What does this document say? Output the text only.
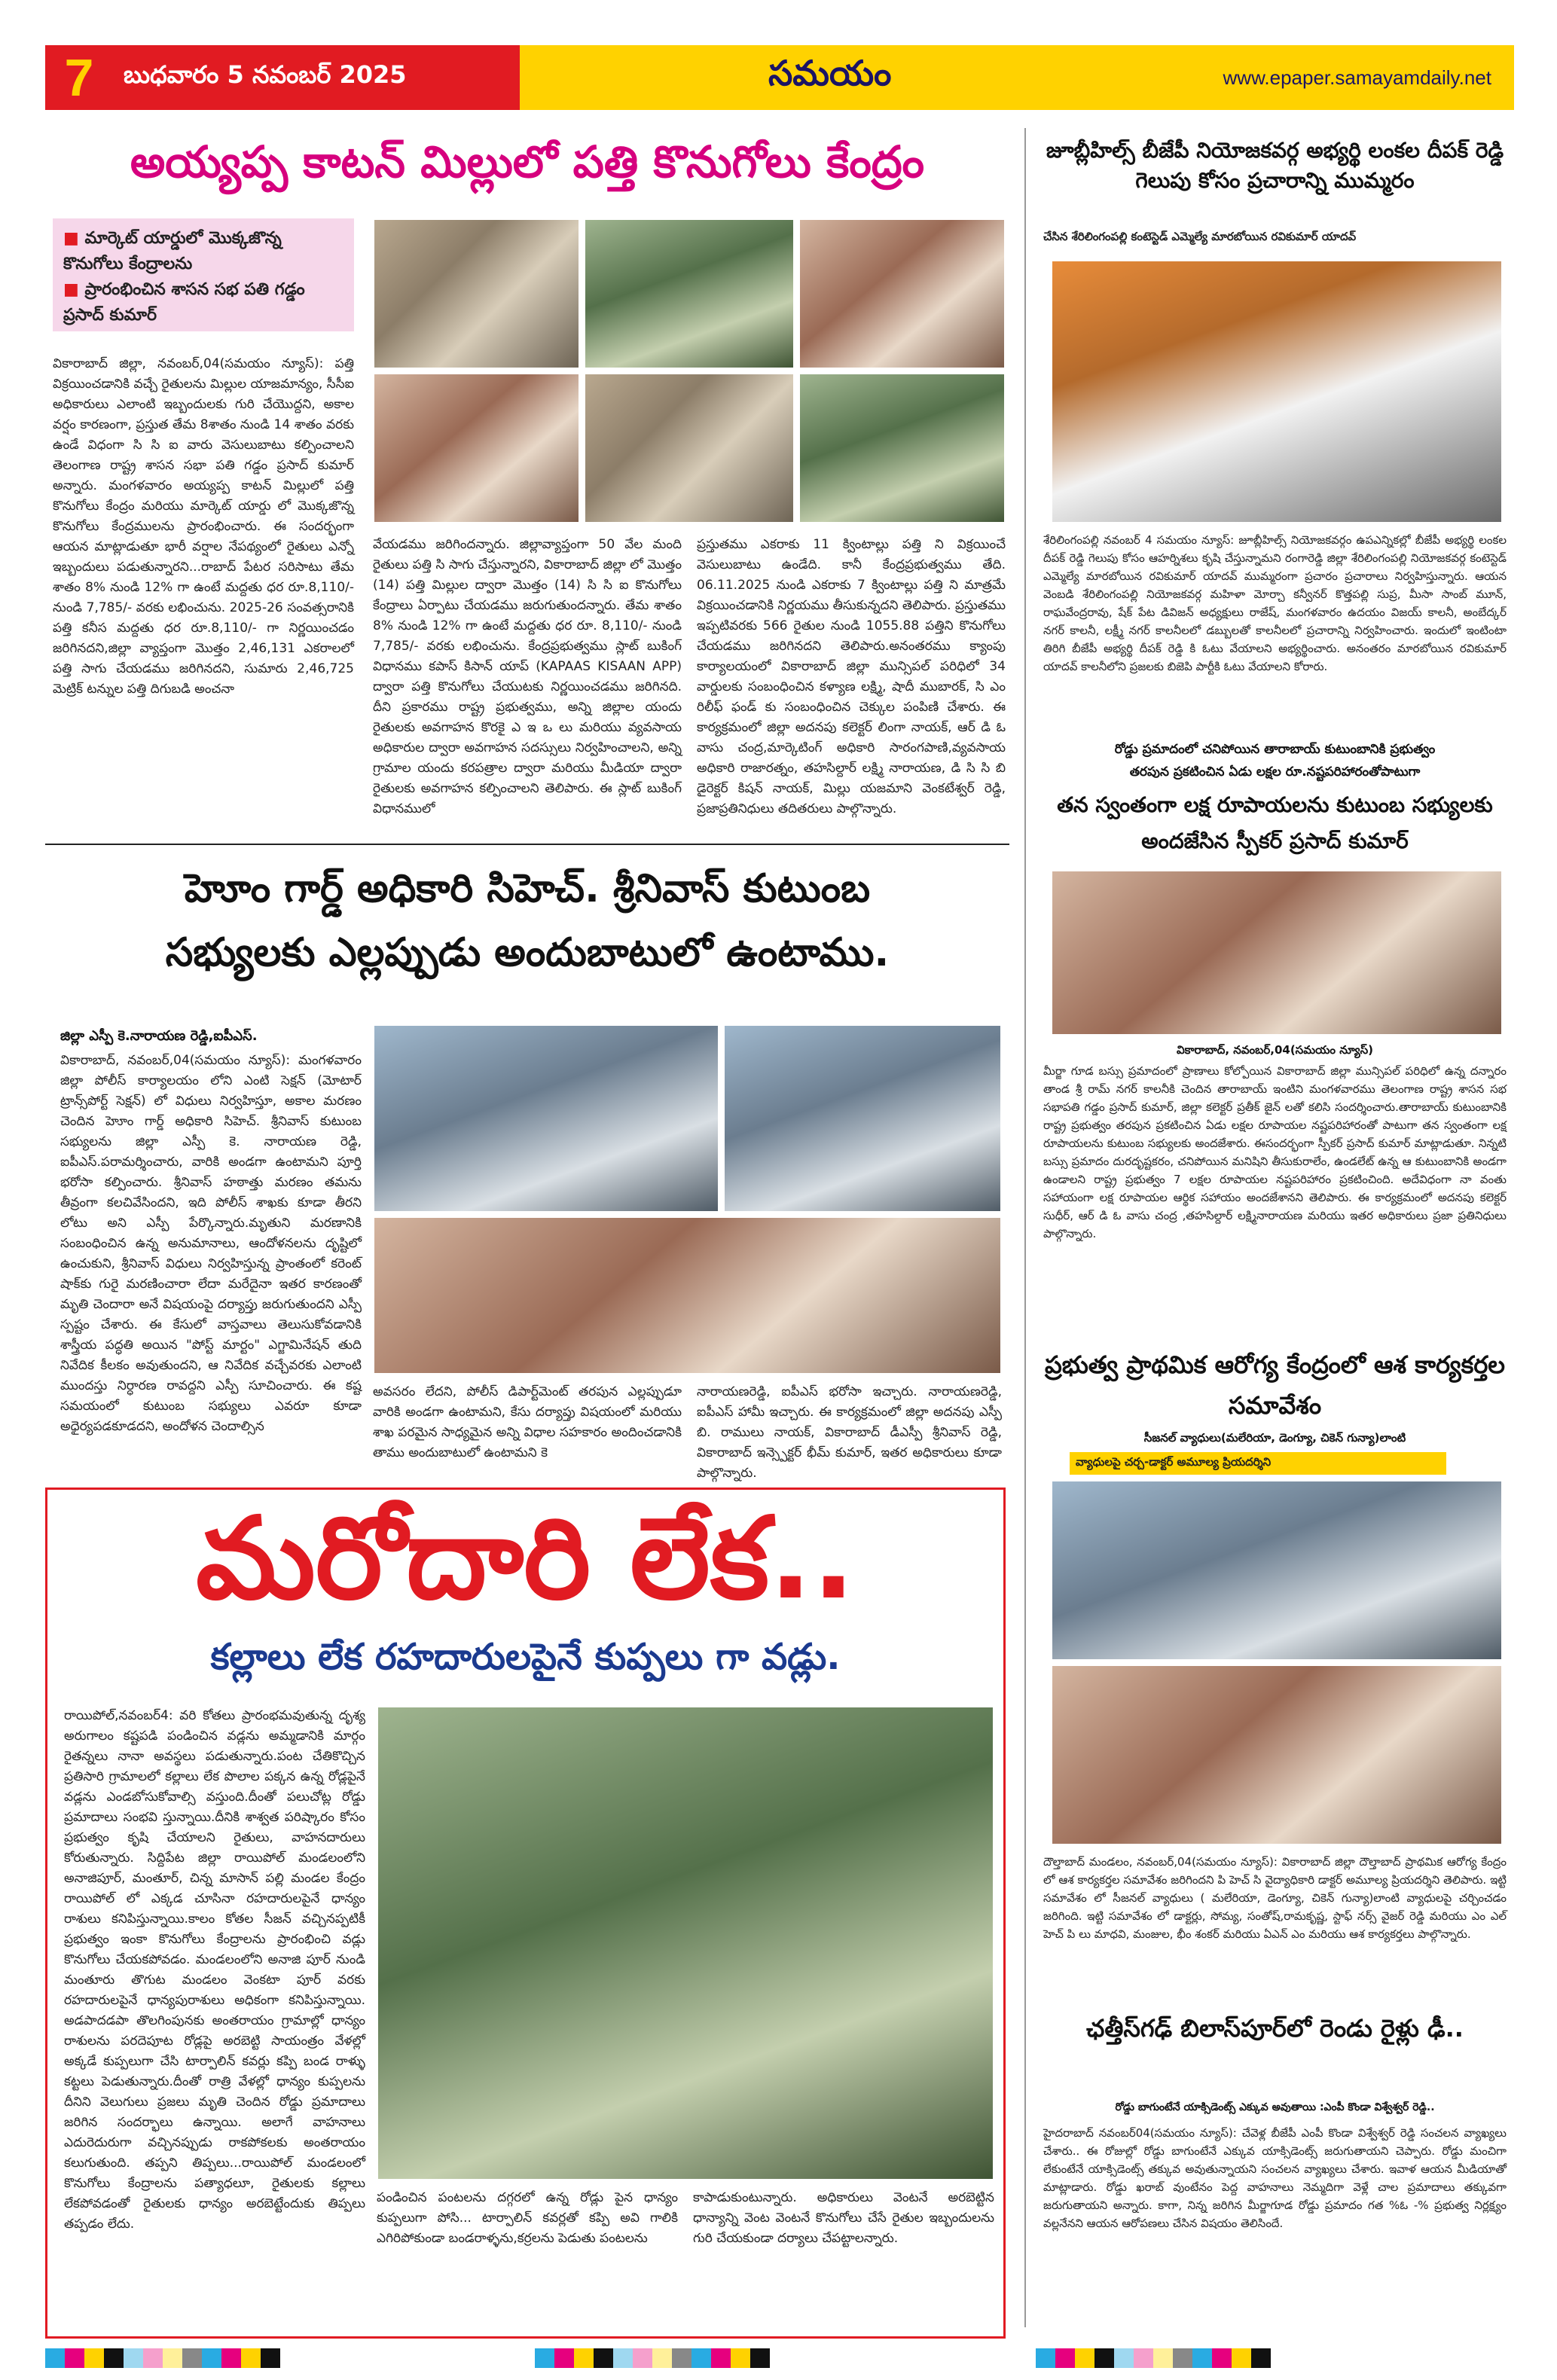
7	బుధవారం 5 నవంబర్ 2025	సమయం	www.epaper.samayamdaily.net
అయ్యప్ప కాటన్ మిల్లులో పత్తి కొనుగోలు కేంద్రం
■ మార్కెట్ యార్డులో మొక్కజొన్న కొనుగోలు కేంద్రాలను
■ ప్రారంభించిన శాసన సభ పతి గడ్డం ప్రసాద్ కుమార్
వికారాబాద్ జిల్లా, నవంబర్,04(సమయం న్యూస్): పత్తి విక్రయించడానికి వచ్చే రైతులను మిల్లుల యాజమాన్యం, సీసీఐ అధికారులు ఎలాంటి ఇబ్బందులకు గురి చేయొద్దని, అకాల వర్షం కారణంగా, ప్రస్తుత తేమ 8శాతం నుండి 14 శాతం వరకు ఉండే విధంగా సి సి ఐ వారు వెసులుబాటు కల్పించాలని తెలంగాణ రాష్ట్ర శాసన సభా పతి గడ్డం ప్రసాద్ కుమార్ అన్నారు. మంగళవారం అయ్యప్ప కాటన్ మిల్లులో పత్తి కొనుగోలు కేంద్రం మరియు మార్కెట్ యార్డు లో మొక్కజొన్న కొనుగోలు కేంద్రములను ప్రారంభించారు. ఈ సందర్భంగా ఆయన మాట్లాడుతూ భారీ వర్షాల నేపథ్యంలో రైతులు ఎన్నో ఇబ్బందులు పడుతున్నారని...రాబాద్ పేటర సరిసాటు తేమ శాతం 8% నుండి 12% గా ఉంటే మద్దతు ధర రూ.8,110/- నుండి 7,785/- వరకు లభించును. 2025-26 సంవత్సరానికి పత్తి కనీస మద్దతు ధర రూ.8,110/- గా నిర్ణయించడం జరిగినదని,జిల్లా వ్యాప్తంగా మొత్తం 2,46,131 ఎకరాలలో పత్తి సాగు చేయడము జరిగినదని, సుమారు 2,46,725 మెట్రిక్ టన్నుల పత్తి దిగుబడి అంచనా
వేయడము జరిగిందన్నారు. జిల్లావ్యాప్తంగా 50 వేల మంది రైతులు పత్తి సి సాగు చేస్తున్నారని, వికారాబాద్ జిల్లా లో మొత్తం (14) పత్తి మిల్లుల ద్వారా మొత్తం (14) సి సి ఐ కొనుగోలు కేంద్రాలు ఏర్పాటు చేయడము జరుగుతుందన్నారు. తేమ శాతం 8% నుండి 12% గా ఉంటే మద్దతు ధర రూ. 8,110/- నుండి 7,785/- వరకు లభించును. కేంద్రప్రభుత్వము స్లాట్ బుకింగ్ విధానము కపాస్ కిసాన్ యాప్ (KAPAAS KISAAN APP) ద్వారా పత్తి కొనుగోలు చేయుటకు నిర్ణయించడము జరిగినది. దీని ప్రకారము రాష్ట్ర ప్రభుత్వము, అన్ని జిల్లాల యందు రైతులకు అవగాహన కొరకై ఎ ఇ ఒ లు మరియు వ్యవసాయ అధికారుల ద్వారా అవగాహన సదస్సులు నిర్వహించాలని, అన్ని గ్రామాల యందు కరపత్రాల ద్వారా మరియు మీడియా ద్వారా రైతులకు అవగాహన కల్పించాలని తెలిపారు. ఈ స్లాట్ బుకింగ్ విధానములో
ప్రస్తుతము ఎకరాకు 11 క్వింటాల్లు పత్తి ని విక్రయించే వెసులుబాటు ఉండేది. కానీ కేంద్రప్రభుత్వము తేది. 06.11.2025 నుండి ఎకరాకు 7 క్వింటాల్లు పత్తి ని మాత్రమే విక్రయించడానికి నిర్ణయము తీసుకున్నదని తెలిపారు. ప్రస్తుతము ఇప్పటివరకు 566 రైతుల నుండి 1055.88 పత్తిని కొనుగోలు చేయడము జరిగినదని తెలిపారు.అనంతరము క్యాంపు కార్యాలయంలో వికారాబాద్ జిల్లా మున్సిపల్ పరిధిలో 34 వార్డులకు సంబంధించిన కళ్యాణ లక్ష్మి, షాదీ ముబారక్, సి ఎం రిలీఫ్ ఫండ్ కు సంబంధించిన చెక్కుల పంపిణి చేశారు. ఈ కార్యక్రమంలో జిల్లా అదనపు కలెక్టర్ లింగా నాయక్, ఆర్ డి ఓ వాసు చంద్ర,మార్కెటింగ్ అధికారి సారంగపాణి,వ్యవసాయ అధికారి రాజారత్నం, తహసిల్దార్ లక్ష్మి నారాయణ, డి సి సి బి డైరెక్టర్ కిషన్ నాయక్, మిల్లు యజమాని వెంకటేశ్వర్ రెడ్డి, ప్రజాప్రతినిధులు తదితరులు పాల్గొన్నారు.
హెూం గార్డ్ అధికారి సిహెచ్. శ్రీనివాస్ కుటుంబ
సభ్యులకు ఎల్లప్పుడు అందుబాటులో ఉంటాము.
జిల్లా ఎస్పీ కె.నారాయణ రెడ్డి,ఐపీఎస్.
వికారాబాద్, నవంబర్,04(సమయం న్యూస్): మంగళవారం జిల్లా పోలీస్ కార్యాలయం లోని ఎంటి సెక్షన్ (మోటార్ ట్రాన్స్‌పోర్ట్ సెక్షన్) లో విధులు నిర్వహిస్తూ, అకాల మరణం చెందిన హెూం గార్డ్ అధికారి సిహెచ్. శ్రీనివాస్ కుటుంబ సభ్యులను జిల్లా ఎస్పీ కె. నారాయణ రెడ్డి, ఐపీఎస్.పరామర్శించారు, వారికి అండగా ఉంటామని పూర్తి భరోసా కల్పించారు. శ్రీనివాస్ హఠాత్తు మరణం తమను తీవ్రంగా కలచివేసిందని, ఇది పోలీస్ శాఖకు కూడా తీరని లోటు అని ఎస్పీ పేర్కొన్నారు.మృతుని మరణానికి సంబంధించిన ఉన్న అనుమానాలు, ఆందోళనలను దృష్టిలో ఉంచుకుని, శ్రీనివాస్ విధులు నిర్వహిస్తున్న ప్రాంతంలో కరెంట్ షాక్‌కు గురై మరణించారా లేదా మరేదైనా ఇతర కారణంతో మృతి చెందారా అనే విషయంపై దర్యాప్తు జరుగుతుందని ఎస్పీ స్పష్టం చేశారు. ఈ కేసులో వాస్తవాలు తెలుసుకోవడానికి శాస్త్రీయ పద్ధతి అయిన "పోస్ట్ మార్టం" ఎగ్జామినేషన్ తుది నివేదిక కీలకం అవుతుందని, ఆ నివేదిక వచ్చేవరకు ఎలాంటి ముందస్తు నిర్ధారణ రావద్దని ఎస్పీ సూచించారు. ఈ కష్ట సమయంలో కుటుంబ సభ్యులు ఎవరూ కూడా అధైర్యపడకూడదని, అందోళన చెందాల్సిన
అవసరం లేదని, పోలీస్ డిపార్ట్‌మెంట్ తరపున ఎల్లప్పుడూ వారికి అండగా ఉంటామని, కేసు దర్యాప్తు విషయంలో మరియు శాఖ పరమైన సాధ్యమైన అన్ని విధాల సహకారం అందించడానికి తాము అందుబాటులో ఉంటామని కె
నారాయణరెడ్డి, ఐపీఎస్ భరోసా ఇచ్చారు. నారాయణరెడ్డి, ఐపీఎస్ హామీ ఇచ్చారు. ఈ కార్యక్రమంలో జిల్లా అదనపు ఎస్పీ బి. రాములు నాయక్, వికారాబాద్ డీఎస్పీ శ్రీనివాస్ రెడ్డి, వికారాబాద్ ఇన్స్పెక్టర్ భీమ్ కుమార్, ఇతర అధికారులు కూడా పాల్గొన్నారు.
మరోదారి లేక..
కల్లాలు లేక రహదారులపైనే కుప్పలు గా వడ్లు.
రాయిపోల్,నవంబర్4: వరి కోతలు ప్రారంభమవుతున్న దృశ్య అరుగాలం కష్టపడి పండించిన వడ్లను అమ్మడానికి మార్గం రైతన్నలు నానా అవస్థలు పడుతున్నారు.పంట చేతికొచ్చిన ప్రతిసారి గ్రామాలలో కల్లాలు లేక పొలాల పక్కన ఉన్న రోడ్లపైనే వడ్లను ఎండబోసుకోవాల్సి వస్తుంది.దీంతో పలుచోట్ల రోడ్డు ప్రమాదాలు సంభవి స్తున్నాయి.దీనికి శాశ్వత పరిష్కారం కోసం ప్రభుత్వం కృషి చేయాలని రైతులు, వాహనదారులు కోరుతున్నారు. సిద్దిపేట జిల్లా రాయిపోల్ మండలంలోని అనాజిపూర్, మంతూర్, చిన్న మాసాన్ పల్లి మండల కేంద్రం రాయిపోల్ లో ఎక్కడ చూసినా రహదారులపైనే ధాన్యం రాశులు కనిపిస్తున్నాయి.కాలం కోతల సీజన్ వచ్చినప్పటికీ ప్రభుత్వం ఇంకా కొనుగోలు కేంద్రాలను ప్రారంభించి వడ్లు కొనుగోలు చేయకపోవడం. మండలంలోని అనాజి పూర్ నుండి మంతూరు తొగుట మండలం వెంకటా పూర్ వరకు రహదారులపైనే ధాన్యపురాశులు అధికంగా కనిపిస్తున్నాయి. అడపాదడపా తొలగింపునకు అంతరాయం గ్రామాల్లో ధాన్యం రాశులను పరదెపూట రోడ్లపై అరబెట్టి సాయంత్రం వేళల్లో అక్కడే కుప్పలుగా చేసి టార్పాలిన్ కవర్లు కప్పి బండ రాళ్ళు కట్టలు పెడుతున్నారు.దీంతో రాత్రి వేళల్లో ధాన్యం కుప్పలను దీనిని వెలుగులు ప్రజలు మృతి చెందిన రోడ్డు ప్రమాదాలు జరిగిన సందర్భాలు ఉన్నాయి. అలాగే వాహనాలు ఎదురెదురుగా వచ్చినప్పుడు రాకపోకలకు అంతరాయం కలుగుతుంది. తప్పని తిప్పలు...రాయిపోల్ మండలంలో కొనుగోలు కేంద్రాలను పత్యాధలూ, రైతులకు కల్లాలు లేకపోవడంతో రైతులకు ధాన్యం అరబెట్టేందుకు తిప్పలు తప్పడం లేదు.
పండించిన పంటలను దగ్గరలో ఉన్న రోడ్లు పైన ధాన్యం కుప్పలుగా పోసి... టార్పాలిన్ కవర్లతో కప్పి అవి గాలికి ఎగిరిపోకుండా బండరాళ్ళను,కర్రలను పెడుతు పంటలను
కాపాడుకుంటున్నారు. అధికారులు వెంటనే అరబెట్టిన ధాన్యాన్ని వెంట వెంటనే కొనుగోలు చేసే రైతుల ఇబ్బందులను గురి చేయకుండా దర్యాలు చేపట్టాలన్నారు.
జూబ్లీహిల్స్ బీజేపీ నియోజకవర్గ అభ్యర్థి లంకల దీపక్ రెడ్డి గెలుపు కోసం ప్రచారాన్ని ముమ్మరం
చేసిన శేరిలింగంపల్లి కంటెస్టెడ్ ఎమ్మెల్యే మారబోయిన రవికుమార్ యాదవ్
శేరిలింగంపల్లి నవంబర్ 4 సమయం న్యూస్: జూబ్లీహిల్స్ నియోజకవర్గం ఉపఎన్నికల్లో బీజేపీ అభ్యర్థి లంకల దీపక్ రెడ్డి గెలుపు కోసం ఆహర్నిశలు కృషి చేస్తున్నామని రంగారెడ్డి జిల్లా శేరిలింగంపల్లి నియోజకవర్గ కంటెస్టెడ్ ఎమ్మెల్యే మారబోయిన రవికుమార్ యాదవ్ ముమ్మరంగా ప్రచారం ప్రచారాలు నిర్వహిస్తున్నారు. ఆయన వెంబడి శేరిలింగంపల్లి నియోజకవర్గ మహిళా మోర్చా కన్వీనర్ కొత్తపల్లి సుప్ర, మీసా సాంబ్ మూన్, రాఘవేంద్రరావు, షేక్ పేట డివిజన్ అధ్యక్షులు రాజేష్, మంగళవారం ఉదయం విజయ్ కాలనీ, అంబేద్కర్ నగర్ కాలనీ, లక్ష్మీ నగర్ కాలనీలలో డబ్బులతో కాలనీలలో ప్రచారాన్ని నిర్వహించారు. ఇందులో ఇంటింటా తిరిగి బీజేపీ అభ్యర్థి దీపక్ రెడ్డి కి ఓటు వేయాలని అభ్యర్థించారు. అనంతరం మారబోయిన రవికుమార్ యాదవ్ కాలనీలోని ప్రజలకు బిజెపి పార్టీకి ఓటు వేయాలని కోరారు.
రోడ్డు ప్రమాదంలో చనిపోయిన తారాబాయ్ కుటుంబానికి ప్రభుత్వం
తరపున ప్రకటించిన ఏడు లక్షల రూ.నష్టపరిహారంతోపాటుగా
తన స్వంతంగా లక్ష రూపాయలను కుటుంబ సభ్యులకు అందజేసిన స్పీకర్ ప్రసాద్ కుమార్
వికారాబాద్, నవంబర్,04(సమయం న్యూస్)
మీర్జా గూడ బస్సు ప్రమాదంలో ప్రాణాలు కోల్పోయిన వికారాబాద్ జిల్లా మున్సిపల్ పరిధిలో ఉన్న దన్నారం తాండ శ్రీ రామ్ నగర్ కాలనీకి చెందిన తారాబాయ్ ఇంటిని మంగళవారము తెలంగాణ రాష్ట్ర శాసన సభ సభాపతి గడ్డం ప్రసాద్ కుమార్, జిల్లా కలెక్టర్ ప్రతీక్ జైన్ లతో కలిసి సందర్శించారు.తారాబాయ్ కుటుంబానికి రాష్ట్ర ప్రభుత్వం తరపున ప్రకటించిన ఏడు లక్షల రూపాయల నష్టపరిహారంతో పాటుగా తన స్వంతంగా లక్ష రూపాయలను కుటుంబ సభ్యులకు అందజేశారు. ఈసందర్భంగా స్పీకర్ ప్రసాద్ కుమార్ మాట్లాడుతూ. నిన్నటి బస్సు ప్రమాదం దురదృష్టకరం, చనిపోయిన మనిషిని తీసుకురాలేం, ఉండలేట్ ఉన్న ఆ కుటుంబానికి అండగా ఉండాలని రాష్ట్ర ప్రభుత్వం 7 లక్షల రూపాయల నష్టపరిహారం ప్రకటించింది. అదేవిధంగా నా వంతు సహాయంగా లక్ష రూపాయల ఆర్థిక సహాయం అందజేశానని తెలిపారు. ఈ కార్యక్రమంలో అదనపు కలెక్టర్ సుధీర్, ఆర్ డి ఓ వాసు చంద్ర ,తహసిల్దార్ లక్ష్మినారాయణ మరియు ఇతర అధికారులు ప్రజా ప్రతినిధులు పాల్గొన్నారు.
ప్రభుత్వ ప్రాథమిక ఆరోగ్య కేంద్రంలో ఆశ కార్యకర్తల సమావేశం
సీజనల్ వ్యాధులు(మలేరియా, డెంగ్యూ, చికెన్ గున్యా)లాంటి
వ్యాధులపై చర్చ-డాక్టర్ అమూల్య ప్రియదర్శిని
దౌల్తాబాద్ మండలం, నవంబర్,04(సమయం న్యూస్): వికారాబాద్ జిల్లా దౌల్తాబాద్ ప్రాథమిక ఆరోగ్య కేంద్రం లో ఆశ కార్యకర్తల సమావేశం జరిగిందని పి హెచ్ సి వైద్యాధికారి డాక్టర్ అమూల్య ప్రియదర్శిని తెలిపారు. ఇట్టి సమావేశం లో సీజనల్ వ్యాధులు ( మలేరియా, డెంగ్యూ, చికెన్ గున్యా)లాంటి వ్యాధులపై చర్చించడం జరిగింది. ఇట్టి సమావేశం లో డాక్టర్లు, సోమ్య, సంతోష్,రామకృష్ణ, స్టాఫ్ నర్స్ వైజర్ రెడ్డి మరియు ఎం ఎల్ హెచ్ పి లు మాధవి, మంజుల, భీం శంకర్ మరియు ఏఎన్ ఎం మరియు ఆశ కార్యకర్తలు పాల్గొన్నారు.
ఛత్తీస్‌గఢ్ బిలాస్‌పూర్‌లో రెండు రైళ్లు ఢీ..
రోడ్డు బాగుంటేనే యాక్సిడెంట్స్ ఎక్కువ అవుతాయి :ఎంపీ కొండా విశ్వేశ్వర్ రెడ్డి..
హైదరాబాద్ నవంబర్04(సమయం న్యూస్): చేవెళ్ల బీజేపీ ఎంపీ కొండా విశ్వేశ్వర్ రెడ్డి సంచలన వ్యాఖ్యలు చేశారు.. ఈ రోజుల్లో రోడ్డు బాగుంటేనే ఎక్కువ యాక్సిడెంట్స్ జరుగుతాయని చెప్పారు. రోడ్డు మంచిగా లేకుంటేనే యాక్సిడెంట్స్ తక్కువ అవుతున్నాయని సంచలన వ్యాఖ్యలు చేశారు. ఇవాళ ఆయన మీడియాతో మాట్లాడారు. రోడ్డు ఖరాబ్ వుంటేనం పెద్ద వాహనాలు నెమ్మదిగా వెళ్లే చాల ప్రమాదాలు తక్కువగా జరుగుతాయని అన్నారు. కాగా, నిన్న జరిగిన మీర్జాగూడ రోడ్డు ప్రమాదం గత %ఓ -% ప్రభుత్వ నిర్లక్ష్యం వల్లనేనని ఆయన ఆరోపణలు చేసిన విషయం తెలిసిందే.
